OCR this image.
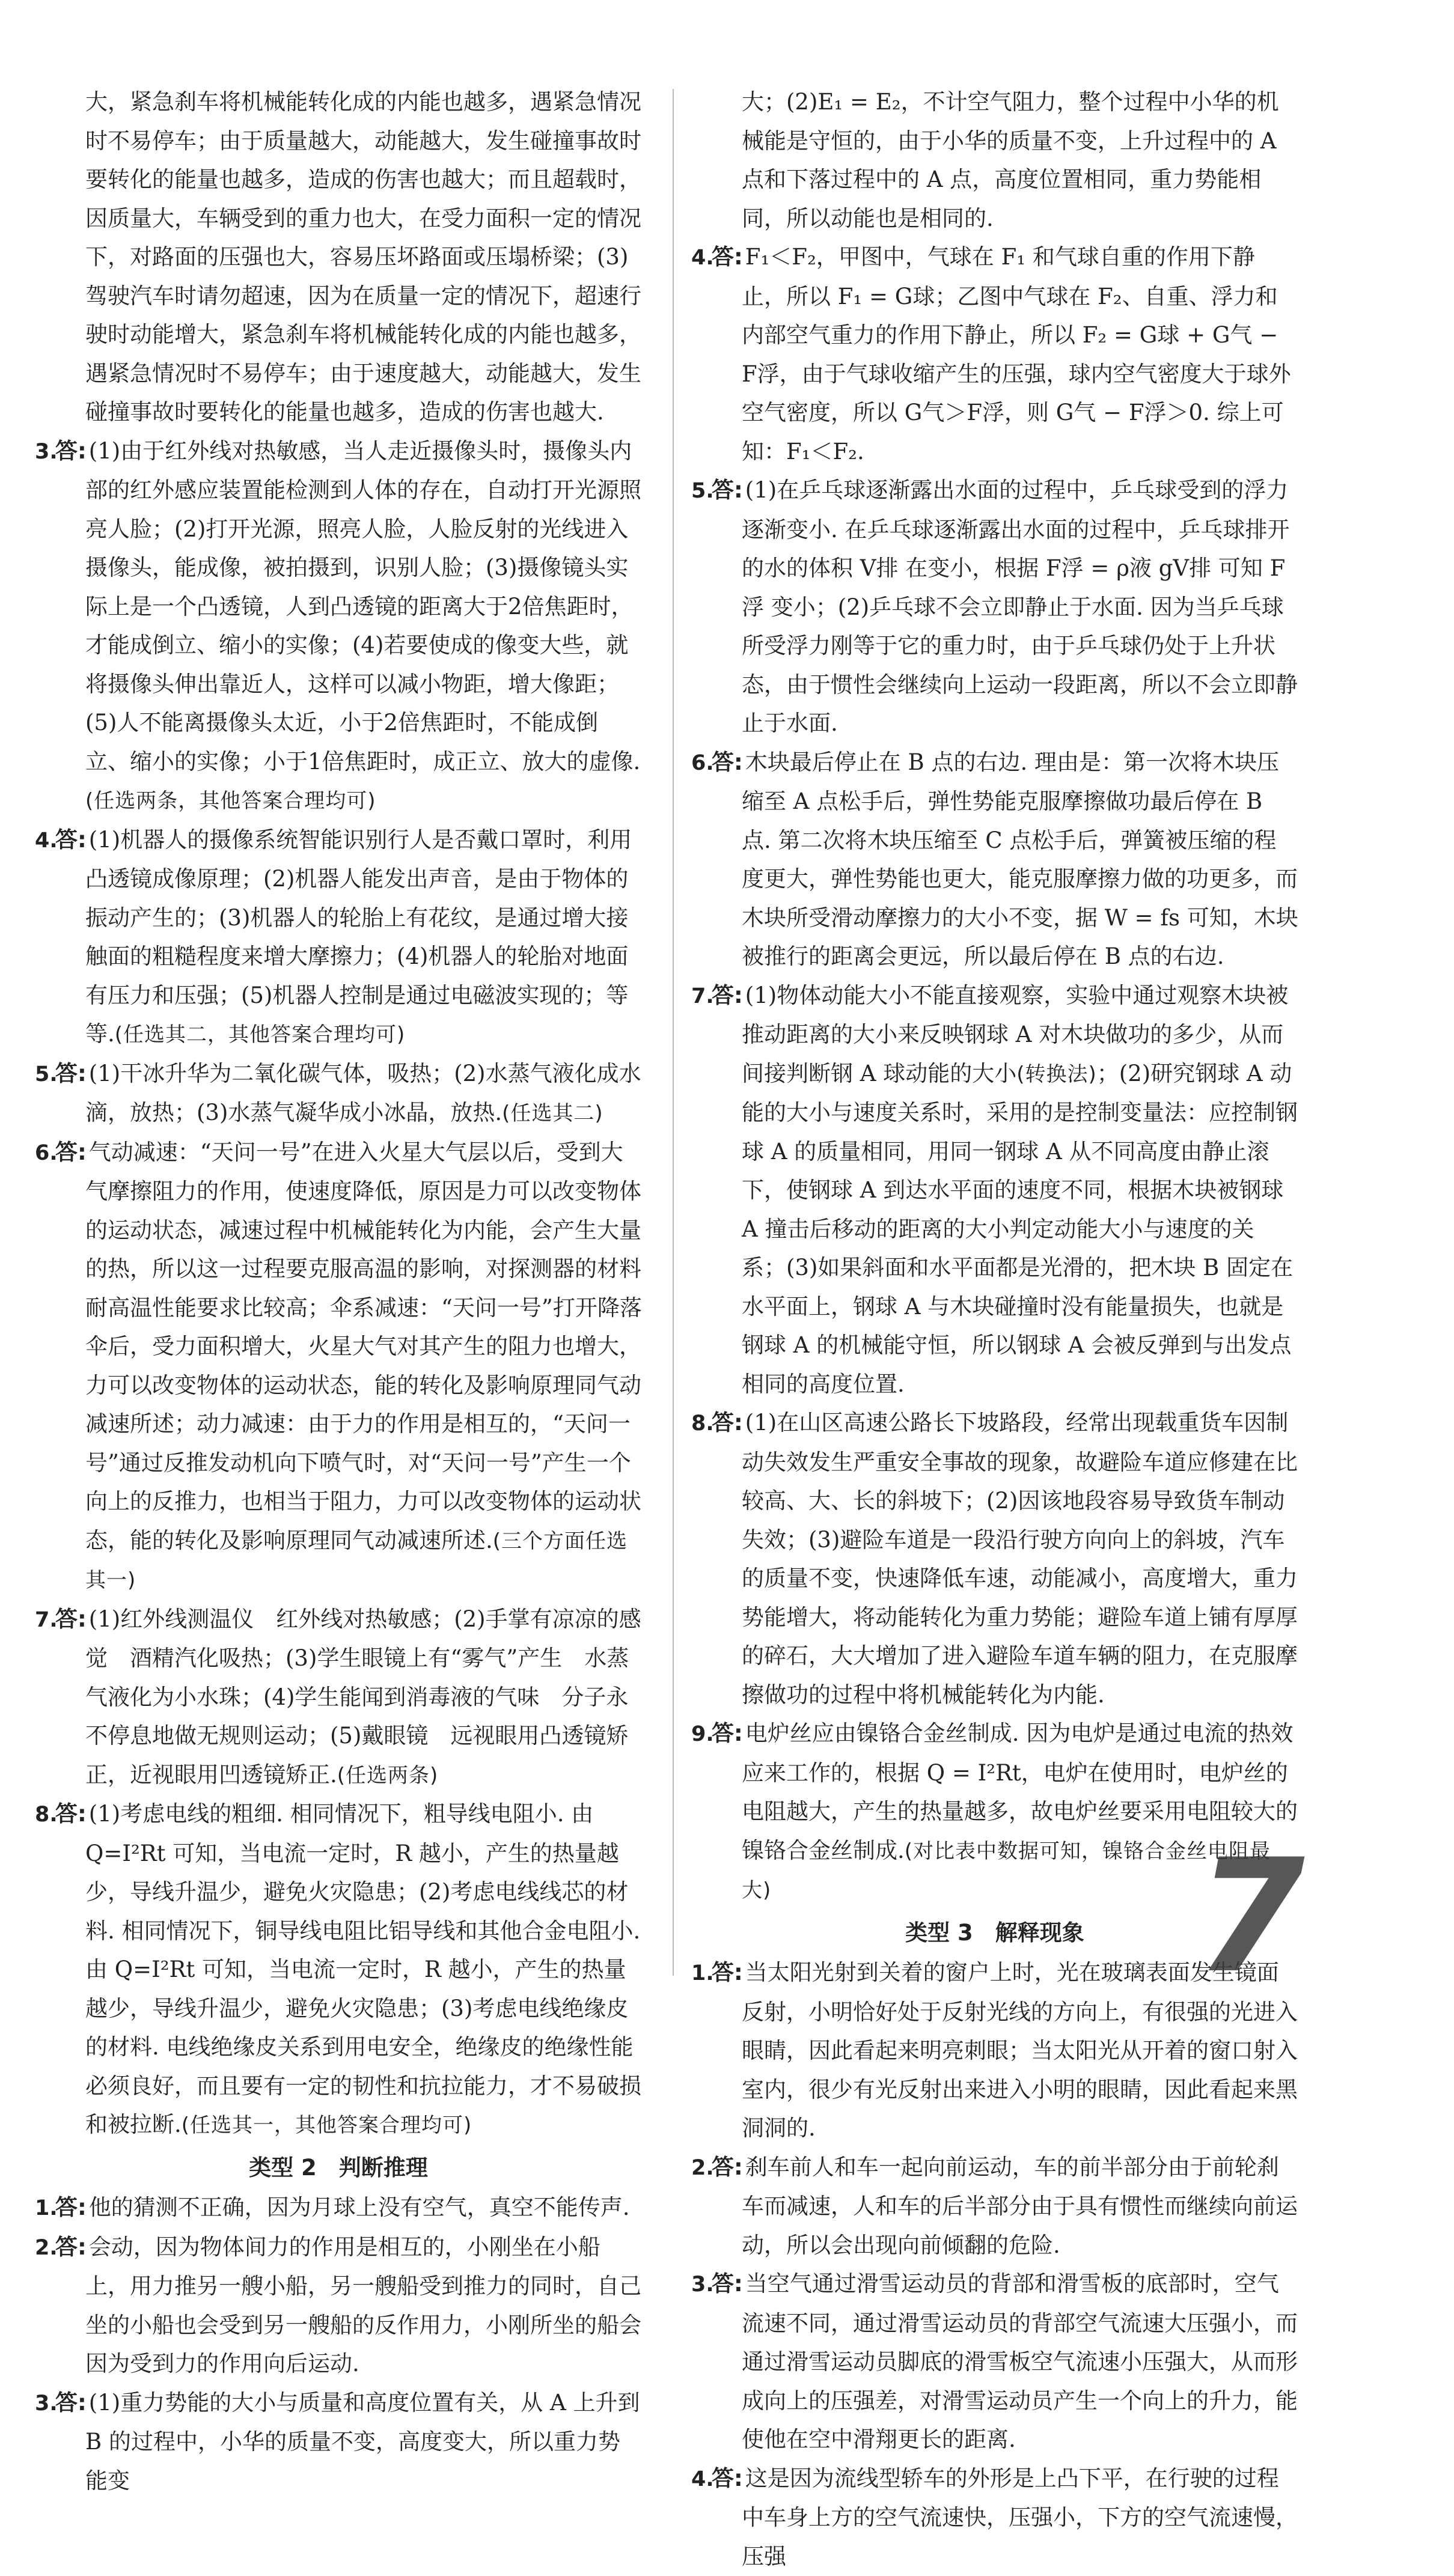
大，紧急刹车将机械能转化成的内能也越多，遇紧急情况时不易停车；由于质量越大，动能越大，发生碰撞事故时要转化的能量也越多，造成的伤害也越大；而且超载时，因质量大，车辆受到的重力也大，在受力面积一定的情况下，对路面的压强也大，容易压坏路面或压塌桥梁；(3)驾驶汽车时请勿超速，因为在质量一定的情况下，超速行驶时动能增大，紧急刹车将机械能转化成的内能也越多，遇紧急情况时不易停车；由于速度越大，动能越大，发生碰撞事故时要转化的能量也越多，造成的伤害也越大.

3.答: (1)由于红外线对热敏感，当人走近摄像头时，摄像头内部的红外感应装置能检测到人体的存在，自动打开光源照亮人脸；(2)打开光源，照亮人脸，人脸反射的光线进入摄像头，能成像，被拍摄到，识别人脸；(3)摄像镜头实际上是一个凸透镜，人到凸透镜的距离大于2倍焦距时，才能成倒立、缩小的实像；(4)若要使成的像变大些，就将摄像头伸出靠近人，这样可以减小物距，增大像距；(5)人不能离摄像头太近，小于2倍焦距时，不能成倒立、缩小的实像；小于1倍焦距时，成正立、放大的虚像.(任选两条，其他答案合理均可)

4.答: (1)机器人的摄像系统智能识别行人是否戴口罩时，利用凸透镜成像原理；(2)机器人能发出声音，是由于物体的振动产生的；(3)机器人的轮胎上有花纹，是通过增大接触面的粗糙程度来增大摩擦力；(4)机器人的轮胎对地面有压力和压强；(5)机器人控制是通过电磁波实现的；等等.(任选其二，其他答案合理均可)

5.答: (1)干冰升华为二氧化碳气体，吸热；(2)水蒸气液化成水滴，放热；(3)水蒸气凝华成小冰晶，放热.(任选其二)

6.答: 气动减速：“天问一号”在进入火星大气层以后，受到大气摩擦阻力的作用，使速度降低，原因是力可以改变物体的运动状态，减速过程中机械能转化为内能，会产生大量的热，所以这一过程要克服高温的影响，对探测器的材料耐高温性能要求比较高；伞系减速：“天问一号”打开降落伞后，受力面积增大，火星大气对其产生的阻力也增大，力可以改变物体的运动状态，能的转化及影响原理同气动减速所述；动力减速：由于力的作用是相互的，“天问一号”通过反推发动机向下喷气时，对“天问一号”产生一个向上的反推力，也相当于阻力，力可以改变物体的运动状态，能的转化及影响原理同气动减速所述.(三个方面任选其一)

7.答: (1)红外线测温仪　红外线对热敏感；(2)手掌有凉凉的感觉　酒精汽化吸热；(3)学生眼镜上有“雾气”产生　水蒸气液化为小水珠；(4)学生能闻到消毒液的气味　分子永不停息地做无规则运动；(5)戴眼镜　远视眼用凸透镜矫正，近视眼用凹透镜矫正.(任选两条)

8.答: (1)考虑电线的粗细. 相同情况下，粗导线电阻小. 由 Q=I²Rt 可知，当电流一定时，R 越小，产生的热量越少，导线升温少，避免火灾隐患；(2)考虑电线线芯的材料. 相同情况下，铜导线电阻比铝导线和其他合金电阻小. 由 Q=I²Rt 可知，当电流一定时，R 越小，产生的热量越少，导线升温少，避免火灾隐患；(3)考虑电线绝缘皮的材料. 电线绝缘皮关系到用电安全，绝缘皮的绝缘性能必须良好，而且要有一定的韧性和抗拉能力，才不易破损和被拉断.(任选其一，其他答案合理均可)

类型 2　判断推理

1.答: 他的猜测不正确，因为月球上没有空气，真空不能传声.

2.答: 会动，因为物体间力的作用是相互的，小刚坐在小船上，用力推另一艘小船，另一艘船受到推力的同时，自己坐的小船也会受到另一艘船的反作用力，小刚所坐的船会因为受到力的作用向后运动.

3.答: (1)重力势能的大小与质量和高度位置有关，从 A 上升到 B 的过程中，小华的质量不变，高度变大，所以重力势能变

大；(2)E₁ = E₂，不计空气阻力，整个过程中小华的机械能是守恒的，由于小华的质量不变，上升过程中的 A 点和下落过程中的 A 点，高度位置相同，重力势能相同，所以动能也是相同的.

4.答: F₁＜F₂，甲图中，气球在 F₁ 和气球自重的作用下静止，所以 F₁ = G球；乙图中气球在 F₂、自重、浮力和内部空气重力的作用下静止，所以 F₂ = G球 + G气 − F浮，由于气球收缩产生的压强，球内空气密度大于球外空气密度，所以 G气＞F浮，则 G气 − F浮＞0. 综上可知：F₁＜F₂.

5.答: (1)在乒乓球逐渐露出水面的过程中，乒乓球受到的浮力逐渐变小. 在乒乓球逐渐露出水面的过程中，乒乓球排开的水的体积 V排 在变小，根据 F浮 = ρ液 gV排 可知 F浮 变小；(2)乒乓球不会立即静止于水面. 因为当乒乓球所受浮力刚等于它的重力时，由于乒乓球仍处于上升状态，由于惯性会继续向上运动一段距离，所以不会立即静止于水面.

6.答: 木块最后停止在 B 点的右边. 理由是：第一次将木块压缩至 A 点松手后，弹性势能克服摩擦做功最后停在 B 点. 第二次将木块压缩至 C 点松手后，弹簧被压缩的程度更大，弹性势能也更大，能克服摩擦力做的功更多，而木块所受滑动摩擦力的大小不变，据 W = fs 可知，木块被推行的距离会更远，所以最后停在 B 点的右边.

7.答: (1)物体动能大小不能直接观察，实验中通过观察木块被推动距离的大小来反映钢球 A 对木块做功的多少，从而间接判断钢 A 球动能的大小(转换法)；(2)研究钢球 A 动能的大小与速度关系时，采用的是控制变量法：应控制钢球 A 的质量相同，用同一钢球 A 从不同高度由静止滚下，使钢球 A 到达水平面的速度不同，根据木块被钢球 A 撞击后移动的距离的大小判定动能大小与速度的关系；(3)如果斜面和水平面都是光滑的，把木块 B 固定在水平面上，钢球 A 与木块碰撞时没有能量损失，也就是钢球 A 的机械能守恒，所以钢球 A 会被反弹到与出发点相同的高度位置.

8.答: (1)在山区高速公路长下坡路段，经常出现载重货车因制动失效发生严重安全事故的现象，故避险车道应修建在比较高、大、长的斜坡下；(2)因该地段容易导致货车制动失效；(3)避险车道是一段沿行驶方向向上的斜坡，汽车的质量不变，快速降低车速，动能减小，高度增大，重力势能增大，将动能转化为重力势能；避险车道上铺有厚厚的碎石，大大增加了进入避险车道车辆的阻力，在克服摩擦做功的过程中将机械能转化为内能.

9.答: 电炉丝应由镍铬合金丝制成. 因为电炉是通过电流的热效应来工作的，根据 Q = I²Rt，电炉在使用时，电炉丝的电阻越大，产生的热量越多，故电炉丝要采用电阻较大的镍铬合金丝制成.(对比表中数据可知，镍铬合金丝电阻最大)

类型 3　解释现象

1.答: 当太阳光射到关着的窗户上时，光在玻璃表面发生镜面反射，小明恰好处于反射光线的方向上，有很强的光进入眼睛，因此看起来明亮刺眼；当太阳光从开着的窗口射入室内，很少有光反射出来进入小明的眼睛，因此看起来黑洞洞的.

2.答: 刹车前人和车一起向前运动，车的前半部分由于前轮刹车而减速，人和车的后半部分由于具有惯性而继续向前运动，所以会出现向前倾翻的危险.

3.答: 当空气通过滑雪运动员的背部和滑雪板的底部时，空气流速不同，通过滑雪运动员的背部空气流速大压强小，而通过滑雪运动员脚底的滑雪板空气流速小压强大，从而形成向上的压强差，对滑雪运动员产生一个向上的升力，能使他在空中滑翔更长的距离.

4.答: 这是因为流线型轿车的外形是上凸下平，在行驶的过程中车身上方的空气流速快，压强小，下方的空气流速慢，压强

7
